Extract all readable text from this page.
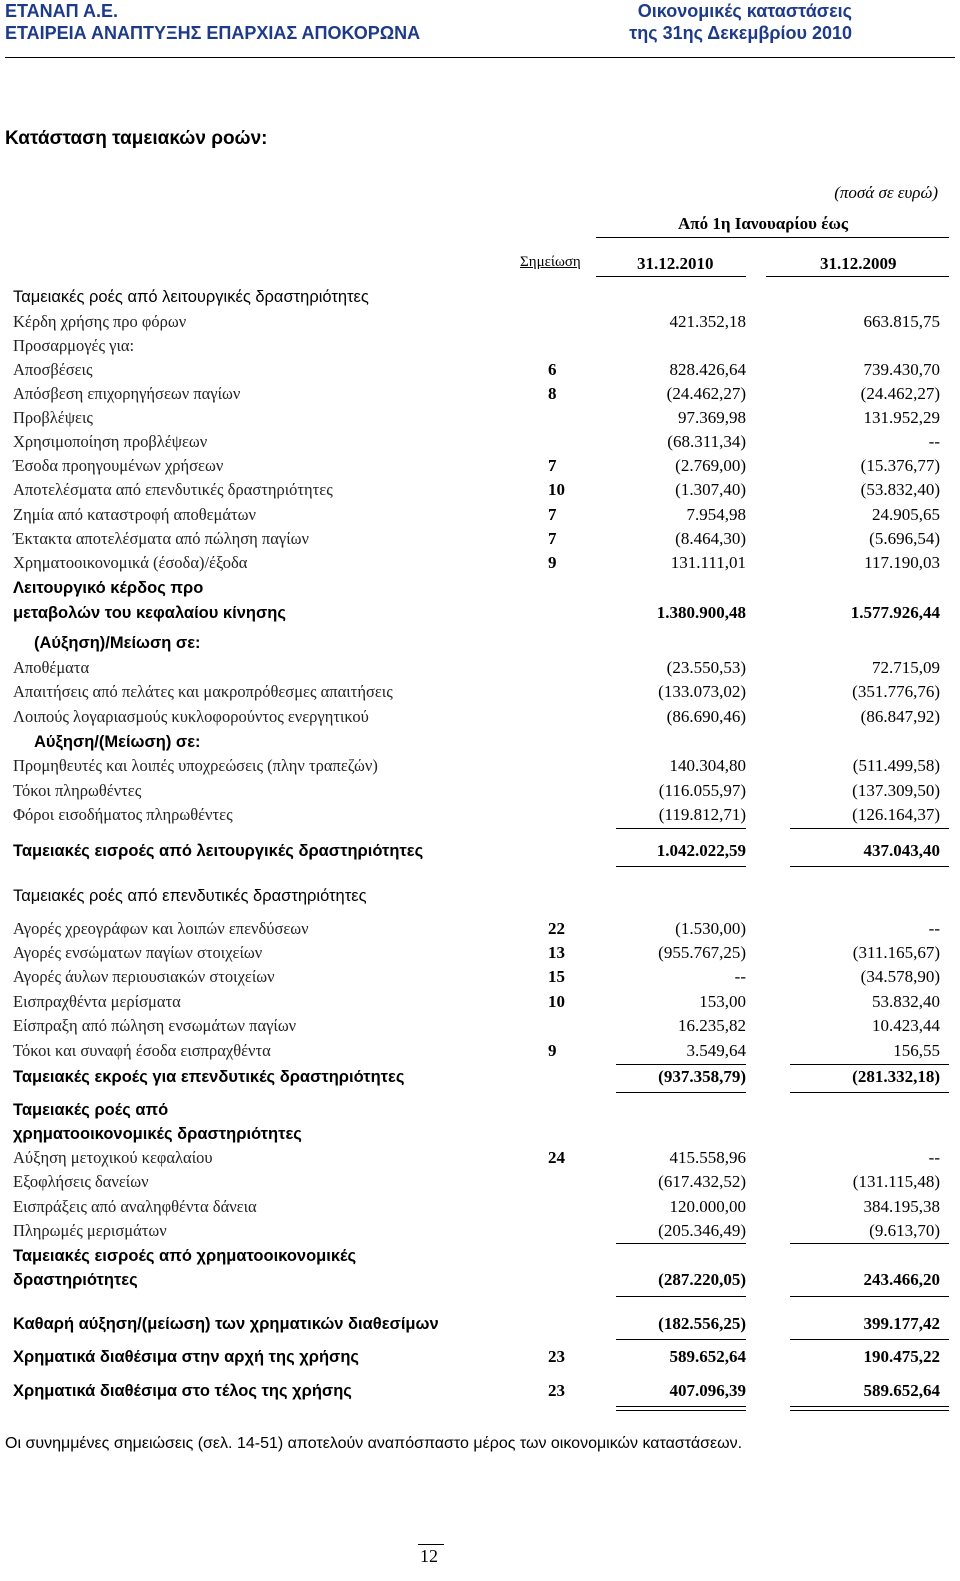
ΕΤΑΝΑΠ Α.Ε.
ΕΤΑΙΡΕΙΑ ΑΝΑΠΤΥΞΗΣ ΕΠΑΡΧΙΑΣ ΑΠΟΚΟΡΩΝΑ
Οικονομικές καταστάσεις
της 31ης Δεκεμβρίου 2010
Κατάσταση ταμειακών ροών:
(ποσά σε ευρώ)
Από 1η Ιανουαρίου έως
Σημείωση	31.12.2010	31.12.2009
Ταμειακές ροές από λειτουργικές δραστηριότητες
Κέρδη χρήσης προ φόρων	421.352,18	663.815,75
Προσαρμογές για:
Αποσβέσεις	6	828.426,64	739.430,70
Απόσβεση επιχορηγήσεων παγίων	8	(24.462,27)	(24.462,27)
Προβλέψεις	97.369,98	131.952,29
Χρησιμοποίηση προβλέψεων	(68.311,34)	--
Έσοδα προηγουμένων χρήσεων	7	(2.769,00)	(15.376,77)
Αποτελέσματα από επενδυτικές δραστηριότητες	10	(1.307,40)	(53.832,40)
Ζημία από καταστροφή αποθεμάτων	7	7.954,98	24.905,65
Έκτακτα αποτελέσματα από πώληση παγίων	7	(8.464,30)	(5.696,54)
Χρηματοοικονομικά (έσοδα)/έξοδα	9	131.111,01	117.190,03
Λειτουργικό κέρδος προ
μεταβολών του κεφαλαίου κίνησης	1.380.900,48	1.577.926,44
(Αύξηση)/Μείωση σε:
Αποθέματα	(23.550,53)	72.715,09
Απαιτήσεις από πελάτες και μακροπρόθεσμες απαιτήσεις	(133.073,02)	(351.776,76)
Λοιπούς λογαριασμούς κυκλοφορούντος ενεργητικού	(86.690,46)	(86.847,92)
Αύξηση/(Μείωση) σε:
Προμηθευτές και λοιπές υποχρεώσεις (πλην τραπεζών)	140.304,80	(511.499,58)
Τόκοι πληρωθέντες	(116.055,97)	(137.309,50)
Φόροι εισοδήματος πληρωθέντες	(119.812,71)	(126.164,37)
Ταμειακές εισροές από λειτουργικές δραστηριότητες	1.042.022,59	437.043,40
Ταμειακές ροές από επενδυτικές δραστηριότητες
Αγορές χρεογράφων και λοιπών επενδύσεων	22	(1.530,00)	--
Αγορές ενσώματων παγίων στοιχείων	13	(955.767,25)	(311.165,67)
Αγορές άυλων περιουσιακών στοιχείων	15	--	(34.578,90)
Εισπραχθέντα μερίσματα	10	153,00	53.832,40
Είσπραξη από πώληση ενσωμάτων παγίων	16.235,82	10.423,44
Τόκοι και συναφή έσοδα εισπραχθέντα	9	3.549,64	156,55
Ταμειακές εκροές για επενδυτικές δραστηριότητες	(937.358,79)	(281.332,18)
Ταμειακές ροές από
χρηματοοικονομικές δραστηριότητες
Αύξηση μετοχικού κεφαλαίου	24	415.558,96	--
Εξοφλήσεις δανείων	(617.432,52)	(131.115,48)
Εισπράξεις από αναληφθέντα δάνεια	120.000,00	384.195,38
Πληρωμές μερισμάτων	(205.346,49)	(9.613,70)
Ταμειακές εισροές από χρηματοοικονομικές
δραστηριότητες	(287.220,05)	243.466,20
Καθαρή αύξηση/(μείωση) των χρηματικών διαθεσίμων	(182.556,25)	399.177,42
Χρηματικά διαθέσιμα στην αρχή της χρήσης	23	589.652,64	190.475,22
Χρηματικά διαθέσιμα στο τέλος της χρήσης	23	407.096,39	589.652,64
Οι συνημμένες σημειώσεις (σελ. 14-51) αποτελούν αναπόσπαστο μέρος των οικονομικών καταστάσεων.
12
